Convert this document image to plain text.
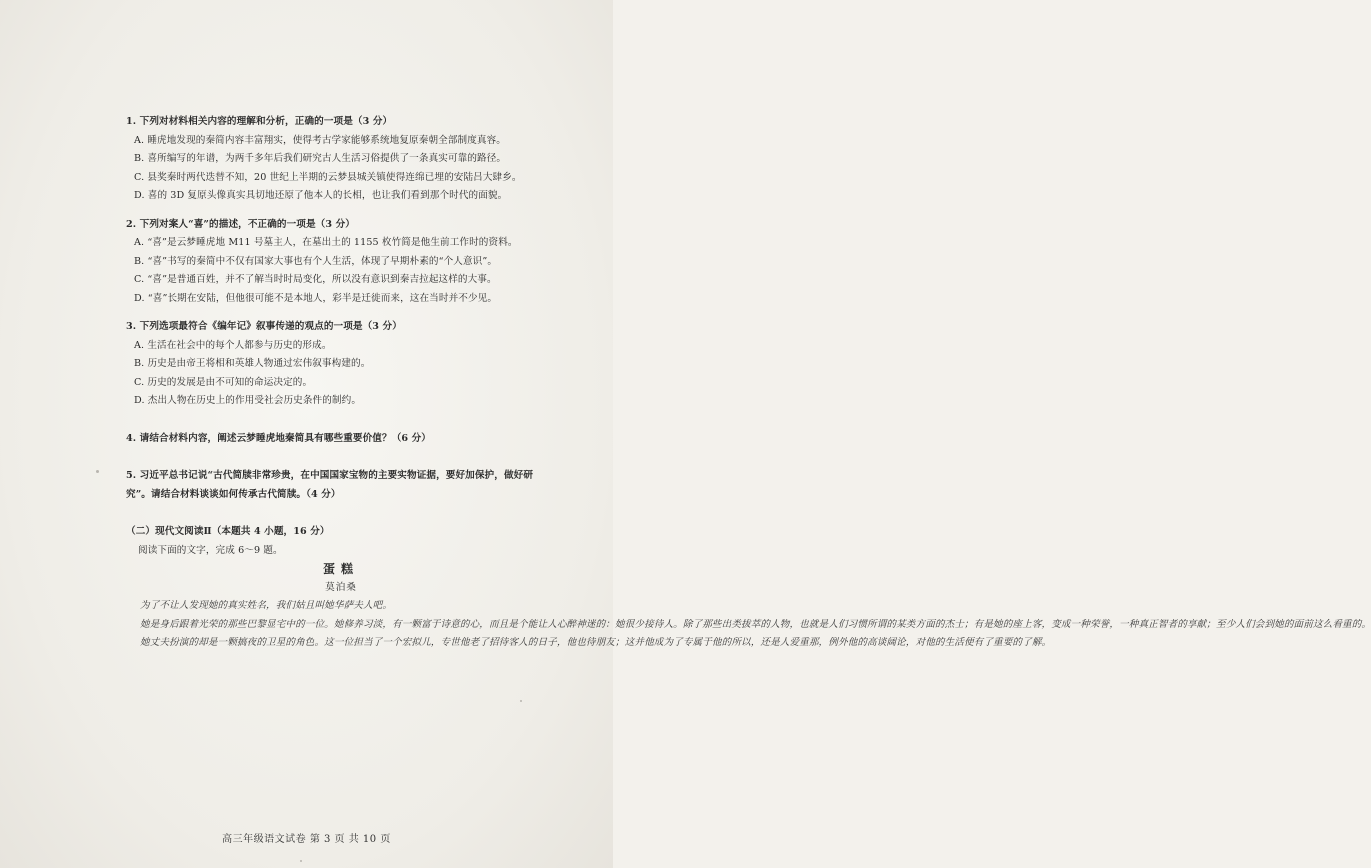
1. 下列对材料相关内容的理解和分析，正确的一项是（3 分）

A. 睡虎地发现的秦简内容丰富翔实，使得考古学家能够系统地复原秦朝全部制度真容。

B. 喜所编写的年谱，为两千多年后我们研究古人生活习俗提供了一条真实可靠的路径。

C. 县奖秦时两代迭替不知，20 世纪上半期的云梦县城关镇使得连绵已埋的安陆吕大肆乡。

D. 喜的 3D 复原头像真实具切地还原了他本人的长相，也让我们看到那个时代的面貌。

2. 下列对案人“喜”的描述，不正确的一项是（3 分）

A. “喜”是云梦睡虎地 M11 号墓主人，在墓出土的 1155 枚竹简是他生前工作时的资料。

B. “喜”书写的秦简中不仅有国家大事也有个人生活，体现了早期朴素的“个人意识”。

C. “喜”是普通百姓，并不了解当时时局变化，所以没有意识到秦吉拉起这样的大事。

D. “喜”长期在安陆，但他很可能不是本地人，彩半是迁徙而来，这在当时并不少见。

3. 下列选项最符合《编年记》叙事传递的观点的一项是（3 分）

A. 生活在社会中的每个人都参与历史的形成。

B. 历史是由帝王将相和英雄人物通过宏伟叙事构建的。

C. 历史的发展是由不可知的命运决定的。

D. 杰出人物在历史上的作用受社会历史条件的制约。

4. 请结合材料内容，阐述云梦睡虎地秦简具有哪些重要价值？（6 分）

5. 习近平总书记说“古代简牍非常珍贵，在中国国家宝物的主要实物证据，要好加保护，做好研究”。请结合材料谈谈如何传承古代简牍。（4 分）

（二）现代文阅读Ⅱ（本题共 4 小题，16 分）

阅读下面的文字，完成 6～9 题。

蛋糕

莫泊桑

为了不让人发现她的真实姓名，我们姑且叫她华萨夫人吧。

她是身后跟着光荣的那些巴黎显宅中的一位。她修养习淡，有一颗富于诗意的心，而且是个能让人心醉神迷的：她很少接待人。除了那些出类拔萃的人物，也就是人们习惯所谓的某类方面的杰士；有是她的座上客，变成一种荣誉，一种真正智者的享献；至少人们会到她的面前这么看重的。

她丈夫扮演的却是一颗搞夜的卫星的角色。这一位担当了一个宏拟儿，专世他老了招待客人的日子，他也待朋友；这并他成为了专属于他的所以，还是人爱重那，例外他的高谈阔论，对他的生活便有了重要的了解。

高三年级语文试卷 第 3 页 共 10 页
